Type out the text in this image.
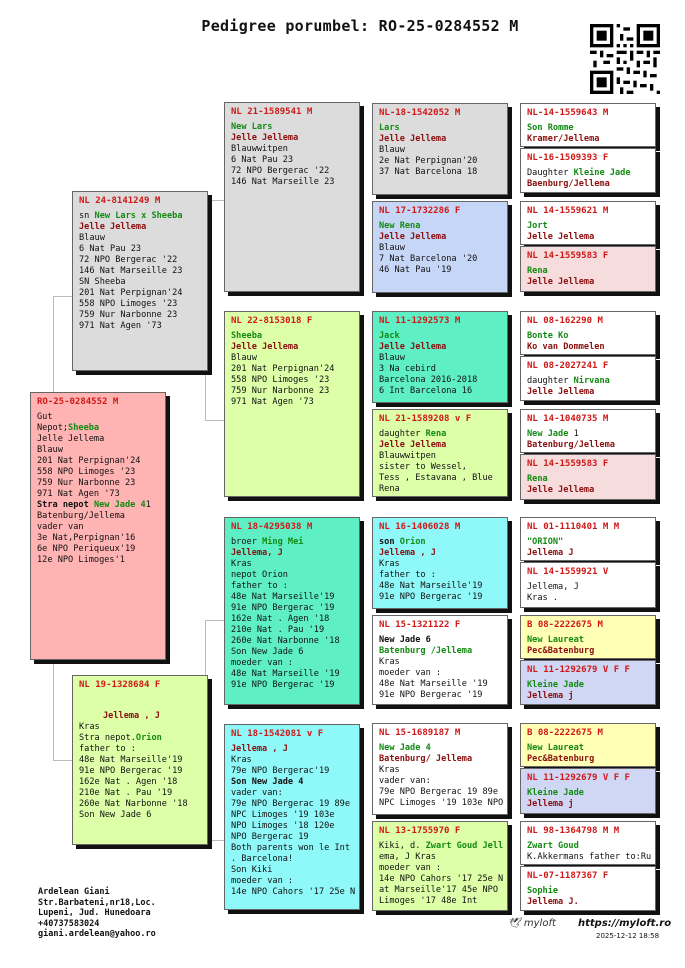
Pedigree porumbel: RO-25-0284552 M
RO-25-0284552 M
Gut
Nepot;Sheeba
Jelle Jellema
Blauw
201 Nat Perpignan'24
558 NPO Limoges '23
759 Nur Narbonne 23
971 Nat Agen '73
Stra nepot New Jade 41
Batenburg/Jellema
vader van
3e Nat,Perpignan'16
6e NPO Periqueux'19
12e NPO Limoges'1
NL 24-8141249 M
sn New Lars x Sheeba
Jelle Jellema
Blauw
6 Nat Pau 23
72 NPO Bergerac '22
146 Nat Marseille 23
SN Sheeba
201 Nat Perpignan'24
558 NPO Limoges '23
759 Nur Narbonne 23
971 Nat Agen '73
NL 19-1328684 F
Jellema , J
Kras
Stra nepot.Orion
father to :
48e Nat Marseille'19
91e NPO Bergerac '19
162e Nat . Agen '18
210e Nat . Pau '19
260e Nat Narbonne '18
Son New Jade 6
NL 21-1589541 M
New Lars
Jelle Jellema
Blauwwitpen
6 Nat Pau 23
72 NPO Bergerac '22
146 Nat Marseille 23
NL 22-8153018 F
Sheeba
Jelle Jellema
Blauw
201 Nat Perpignan'24
558 NPO Limoges '23
759 Nur Narbonne 23
971 Nat Agen '73
NL 18-4295038 M
broer Ming Mei
Jellema, J
Kras
nepot Orion
father to :
48e Nat Marseille'19
91e NPO Bergerac '19
162e Nat . Agen '18
210e Nat . Pau '19
260e Nat Narbonne '18
Son New Jade 6
moeder van :
48e Nat Marseille '19
91e NPO Bergerac '19
NL 18-1542081 v F
Jellema , J
Kras
79e NPO Bergerac'19
Son New Jade 4
vader van:
79e NPO Bergerac 19 89e NPC Limoges '19 103e NPO Limoges '18 120e NPO Bergerac 19
Both parents won le Int . Barcelona!
Son Kiki
moeder van :
14e NPO Cahors '17 25e N
NL-18-1542052 M
Lars
Jelle Jellema
Blauw
2e Nat Perpignan'20
37 Nat Barcelona 18
NL 17-1732286 F
New Rena
Jelle Jellema
Blauw
7 Nat Barcelona '20
46 Nat Pau '19
NL 11-1292573 M
Jack
Jelle Jellema
Blauw
3 Na cebird
Barcelona 2016-2018
6 Int Barcelona 16
NL 21-1589208 v F
daughter Rena
Jelle Jellema
Blauwwitpen
sister to Wessel,
Tess , Estavana , Blue
Rena
NL 16-1406028 M
son Orion
Jellema , J
Kras
father to :
48e Nat Marseille'19
91e NPO Bergerac '19
NL 15-1321122 F
New Jade 6
Batenburg /Jellema
Kras
moeder van :
48e Nat Marseille '19
91e NPO Bergerac '19
NL 15-1689187 M
New Jade 4
Batenburg/ Jellema
Kras
vader van:
79e NPO Bergerac 19 89e
NPC Limoges '19 103e NPO
NL 13-1755970 F
Kiki, d. Zwart Goud Jell
ema, J Kras
moeder van :
14e NPO Cahors '17 25e N
at Marseille'17 45e NPO
Limoges '17 48e Int
NL-14-1559643 M
Son Romme
Kramer/Jellema
NL-16-1509393 F
Daughter Kleine Jade
Baenburg/Jellema
NL 14-1559621 M
Jort
Jelle Jellema
NL 14-1559583 F
Rena
Jelle Jellema
NL 08-162290 M
Bonte Ko
Ko van Dommelen
NL 08-2027241 F
daughter Nirvana
Jelle Jellema
NL 14-1040735 M
New Jade 1
Batenburg/Jellema
NL 14-1559583 F
Rena
Jelle Jellema
NL 01-1110401 M M
"ORION"
Jellema J
NL 14-1559921 V
Jellema, J
Kras .
B 08-2222675 M
New Laureat
Pec&Batenburg
NL 11-1292679 V F F
Kleine Jade
Jellema j
B 08-2222675 M
New Laureat
Pec&Batenburg
NL 11-1292679 V F F
Kleine Jade
Jellema j
NL 98-1364798 M M
Zwart Goud
K.Akkermans father to:Ru
NL-07-1187367 F
Sophie
Jellema J.
Ardelean Giani
Str.Barbateni,nr18,Loc.
Lupeni, Jud. Hunedoara
+40737583024
giani.ardelean@yahoo.ro
🕊 myloft https://myloft.ro
2025-12-12 18:58
